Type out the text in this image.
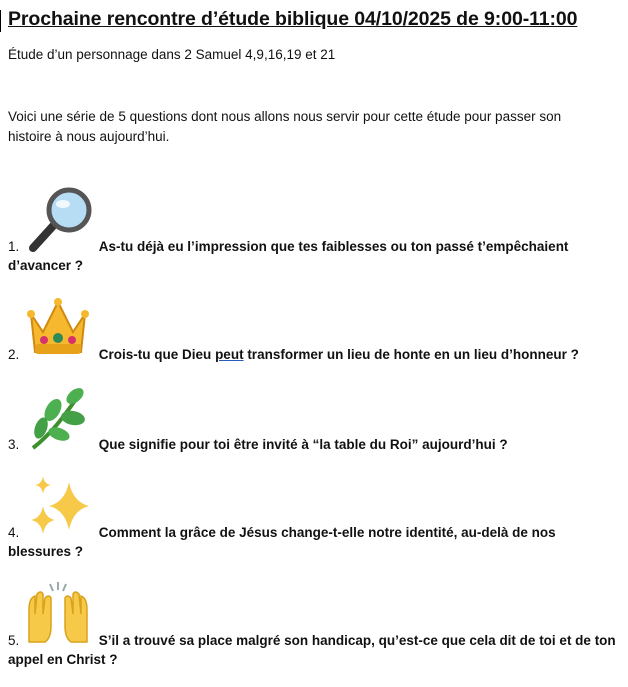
Prochaine rencontre d’étude biblique 04/10/2025 de 9:00-11:00
Étude d’un personnage dans 2 Samuel 4,9,16,19 et 21
Voici une série de 5 questions dont nous allons nous servir pour cette étude pour passer son histoire à nous aujourd’hui.
1.	As-tu déjà eu l’impression que tes faiblesses ou ton passé t’empêchaient d’avancer ?
2.	Crois-tu que Dieu peut transformer un lieu de honte en un lieu d’honneur ?
3.	Que signifie pour toi être invité à “la table du Roi” aujourd’hui ?
4.	Comment la grâce de Jésus change-t-elle notre identité, au-delà de nos blessures ?
5.	S’il a trouvé sa place malgré son handicap, qu’est-ce que cela dit de toi et de ton appel en Christ ?
